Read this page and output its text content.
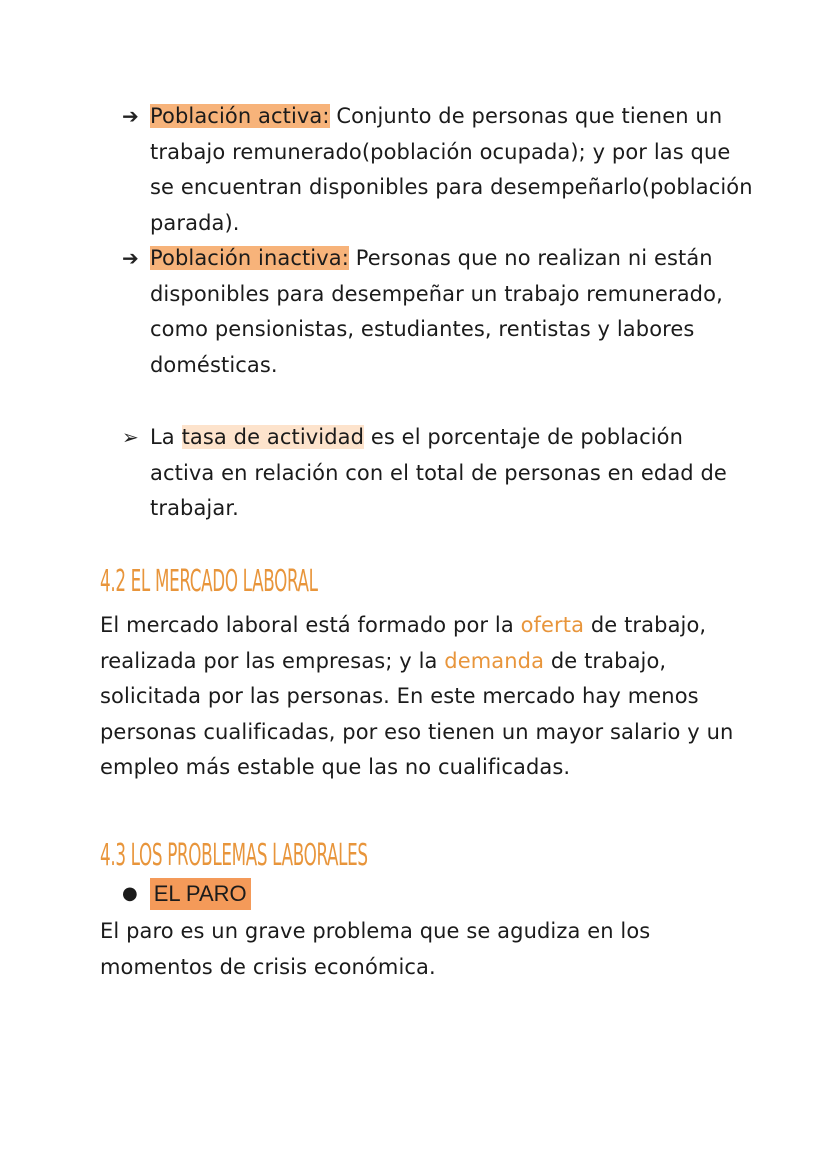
➔ Población activa: Conjunto de personas que tienen un
trabajo remunerado(población ocupada); y por las que
se encuentran disponibles para desempeñarlo(población
parada).
➔ Población inactiva: Personas que no realizan ni están
disponibles para desempeñar un trabajo remunerado,
como pensionistas, estudiantes, rentistas y labores
domésticas.
➢ La tasa de actividad es el porcentaje de población
activa en relación con el total de personas en edad de
trabajar.
4.2 EL MERCADO LABORAL
El mercado laboral está formado por la oferta de trabajo,
realizada por las empresas; y la demanda de trabajo,
solicitada por las personas. En este mercado hay menos
personas cualificadas, por eso tienen un mayor salario y un
empleo más estable que las no cualificadas.
4.3 LOS PROBLEMAS LABORALES
● EL PARO
El paro es un grave problema que se agudiza en los
momentos de crisis económica.
